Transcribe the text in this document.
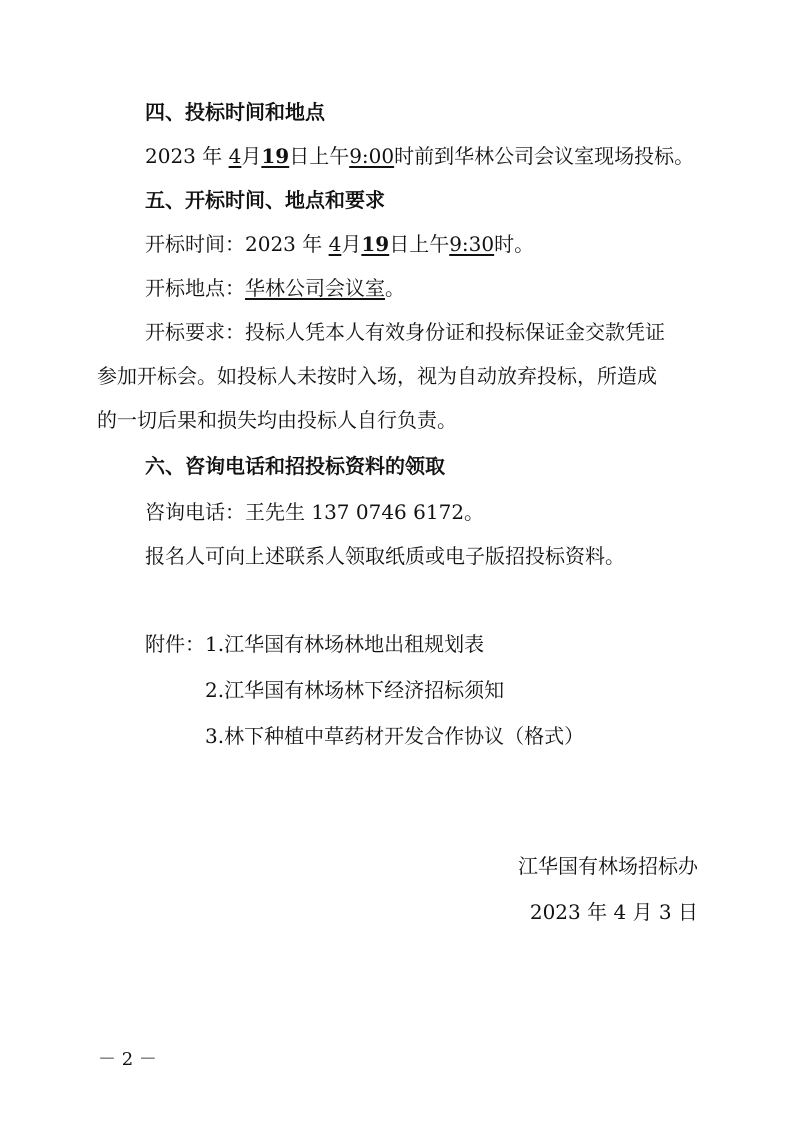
四、投标时间和地点
2023 年 4月19日上午9:00时前到华林公司会议室现场投标。
五、开标时间、地点和要求
开标时间：2023 年 4月19日上午9:30时。
开标地点：华林公司会议室。
开标要求：投标人凭本人有效身份证和投标保证金交款凭证
参加开标会。如投标人未按时入场，视为自动放弃投标，所造成
的一切后果和损失均由投标人自行负责。
六、咨询电话和招投标资料的领取
咨询电话：王先生 137 0746 6172。
报名人可向上述联系人领取纸质或电子版招投标资料。
附件：1.江华国有林场林地出租规划表
2.江华国有林场林下经济招标须知
3.林下种植中草药材开发合作协议（格式）
江华国有林场招标办
2023 年 4 月 3 日
－ 2 －
